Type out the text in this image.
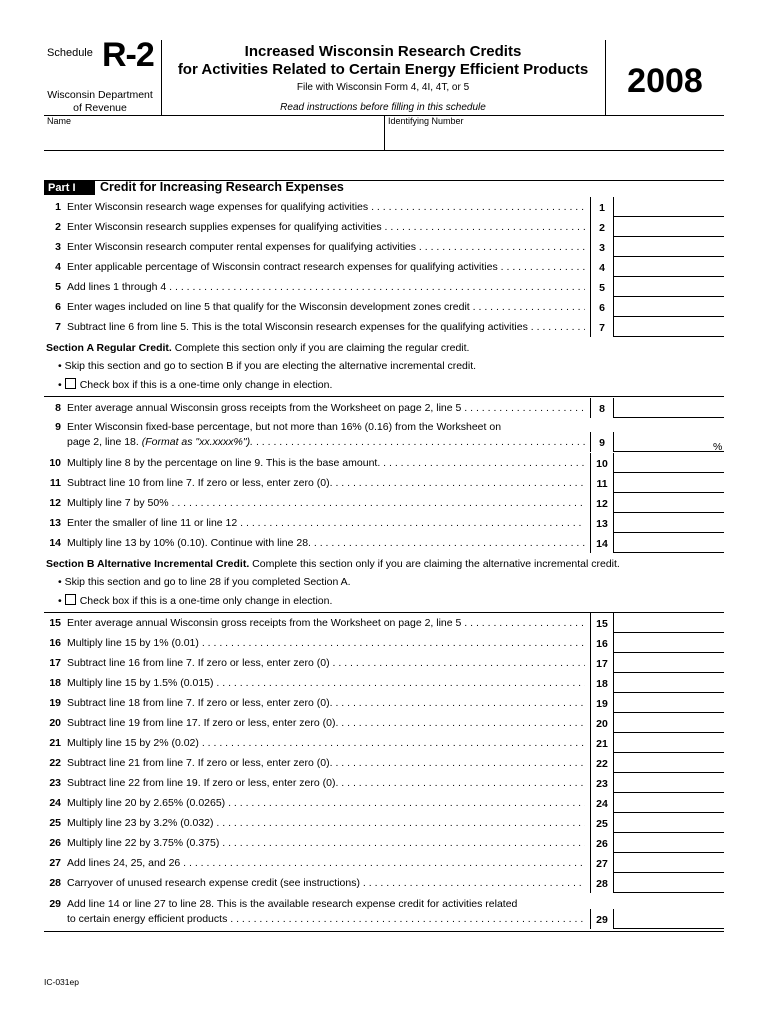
Schedule R-2
Wisconsin Department
of Revenue
Increased Wisconsin Research Credits
for Activities Related to Certain Energy Efficient Products
File with Wisconsin Form 4, 4I, 4T, or 5
Read instructions before filling in this schedule
2008
Name	Identifying Number
Part I	Credit for Increasing Research Expenses
1 Enter Wisconsin research wage expenses for qualifying activities . . .	1
2 Enter Wisconsin research supplies expenses for qualifying activities . . .	2
3 Enter Wisconsin research computer rental expenses for qualifying activities . . .	3
4 Enter applicable percentage of Wisconsin contract research expenses for qualifying activities . . .	4
5 Add lines 1 through 4 . . .	5
6 Enter wages included on line 5 that qualify for the Wisconsin development zones credit . . .	6
7 Subtract line 6 from line 5. This is the total Wisconsin research expenses for the qualifying activities . . . .	7
Section A Regular Credit. Complete this section only if you are claiming the regular credit.
• Skip this section and go to section B if you are electing the alternative incremental credit.
• Check box if this is a one-time only change in election.
8 Enter average annual Wisconsin gross receipts from the Worksheet on page 2, line 5 . . .	8
9 Enter Wisconsin fixed-base percentage, but not more than 16% (0.16) from the Worksheet on
page 2, line 18. (Format as "xx.xxxx%"). . . .	9
10 Multiply line 8 by the percentage on line 9. This is the base amount. . . .	10
11 Subtract line 10 from line 7. If zero or less, enter zero (0). . . .	11
12 Multiply line 7 by 50% . . .	12
13 Enter the smaller of line 11 or line 12 . . .	13
14 Multiply line 13 by 10% (0.10). Continue with line 28. . . .	14
%
Section B Alternative Incremental Credit. Complete this section only if you are claiming the alternative incremental credit.
• Skip this section and go to line 28 if you completed Section A.
• Check box if this is a one-time only change in election.
15 Enter average annual Wisconsin gross receipts from the Worksheet on page 2, line 5 . . .	15
16 Multiply line 15 by 1% (0.01) . . .	16
17 Subtract line 16 from line 7. If zero or less, enter zero (0) . . .	17
18 Multiply line 15 by 1.5% (0.015) . . .	18
19 Subtract line 18 from line 7. If zero or less, enter zero (0). . . .	19
20 Subtract line 19 from line 17. If zero or less, enter zero (0). . . .	20
21 Multiply line 15 by 2% (0.02) . . .	21
22 Subtract line 21 from line 7. If zero or less, enter zero (0). . . .	22
23 Subtract line 22 from line 19. If zero or less, enter zero (0). . . .	23
24 Multiply line 20 by 2.65% (0.0265) . . .	24
25 Multiply line 23 by 3.2% (0.032) . . .	25
26 Multiply line 22 by 3.75% (0.375) . . .	26
27 Add lines 24, 25, and 26 . . .	27
28 Carryover of unused research expense credit (see instructions) . . .	28
29 Add line 14 or line 27 to line 28. This is the available research expense credit for activities related
to certain energy efficient products . . .	29
IC-031ep
